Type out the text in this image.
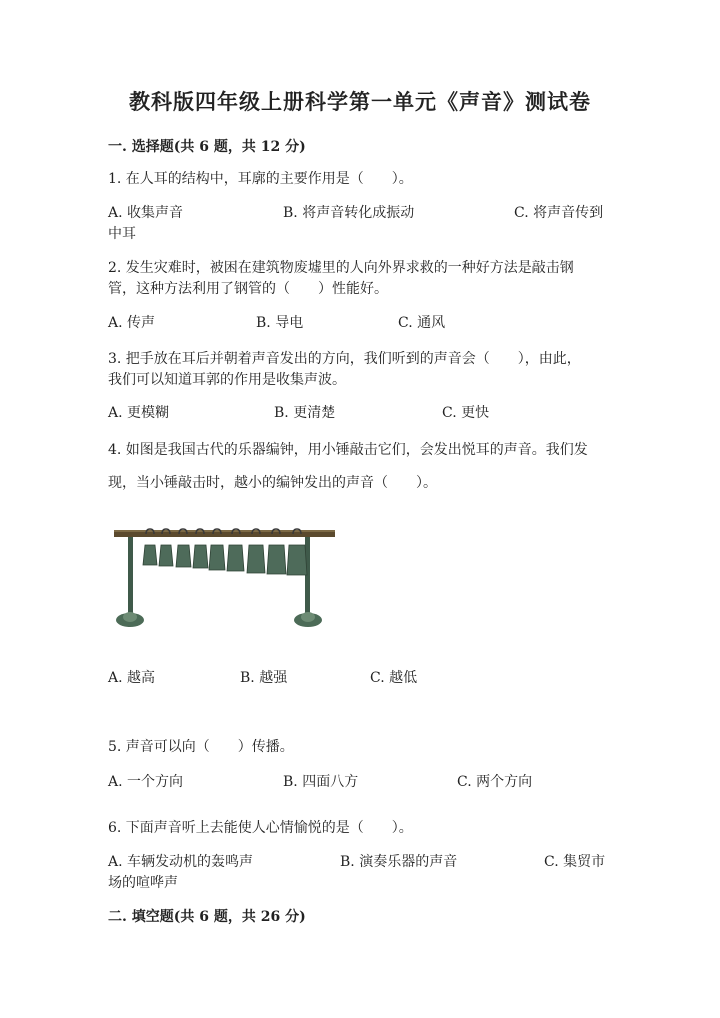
教科版四年级上册科学第一单元《声音》测试卷
一. 选择题(共 6 题，共 12 分)
1. 在人耳的结构中，耳廓的主要作用是（　　）。
A. 收集声音	B. 将声音转化成振动	C. 将声音传到
中耳
2. 发生灾难时，被困在建筑物废墟里的人向外界求救的一种好方法是敲击钢
管，这种方法利用了钢管的（　　）性能好。
A. 传声	B. 导电	C. 通风
3. 把手放在耳后并朝着声音发出的方向，我们听到的声音会（　　），由此，
我们可以知道耳郭的作用是收集声波。
A. 更模糊	B. 更清楚	C. 更快
4. 如图是我国古代的乐器编钟，用小锤敲击它们，会发出悦耳的声音。我们发
现，当小锤敲击时，越小的编钟发出的声音（　　）。
A. 越高	B. 越强	C. 越低
5. 声音可以向（　　）传播。
A. 一个方向	B. 四面八方	C. 两个方向
6. 下面声音听上去能使人心情愉悦的是（　　）。
A. 车辆发动机的轰鸣声	B. 演奏乐器的声音	C. 集贸市
场的喧哗声
二. 填空题(共 6 题，共 26 分)
